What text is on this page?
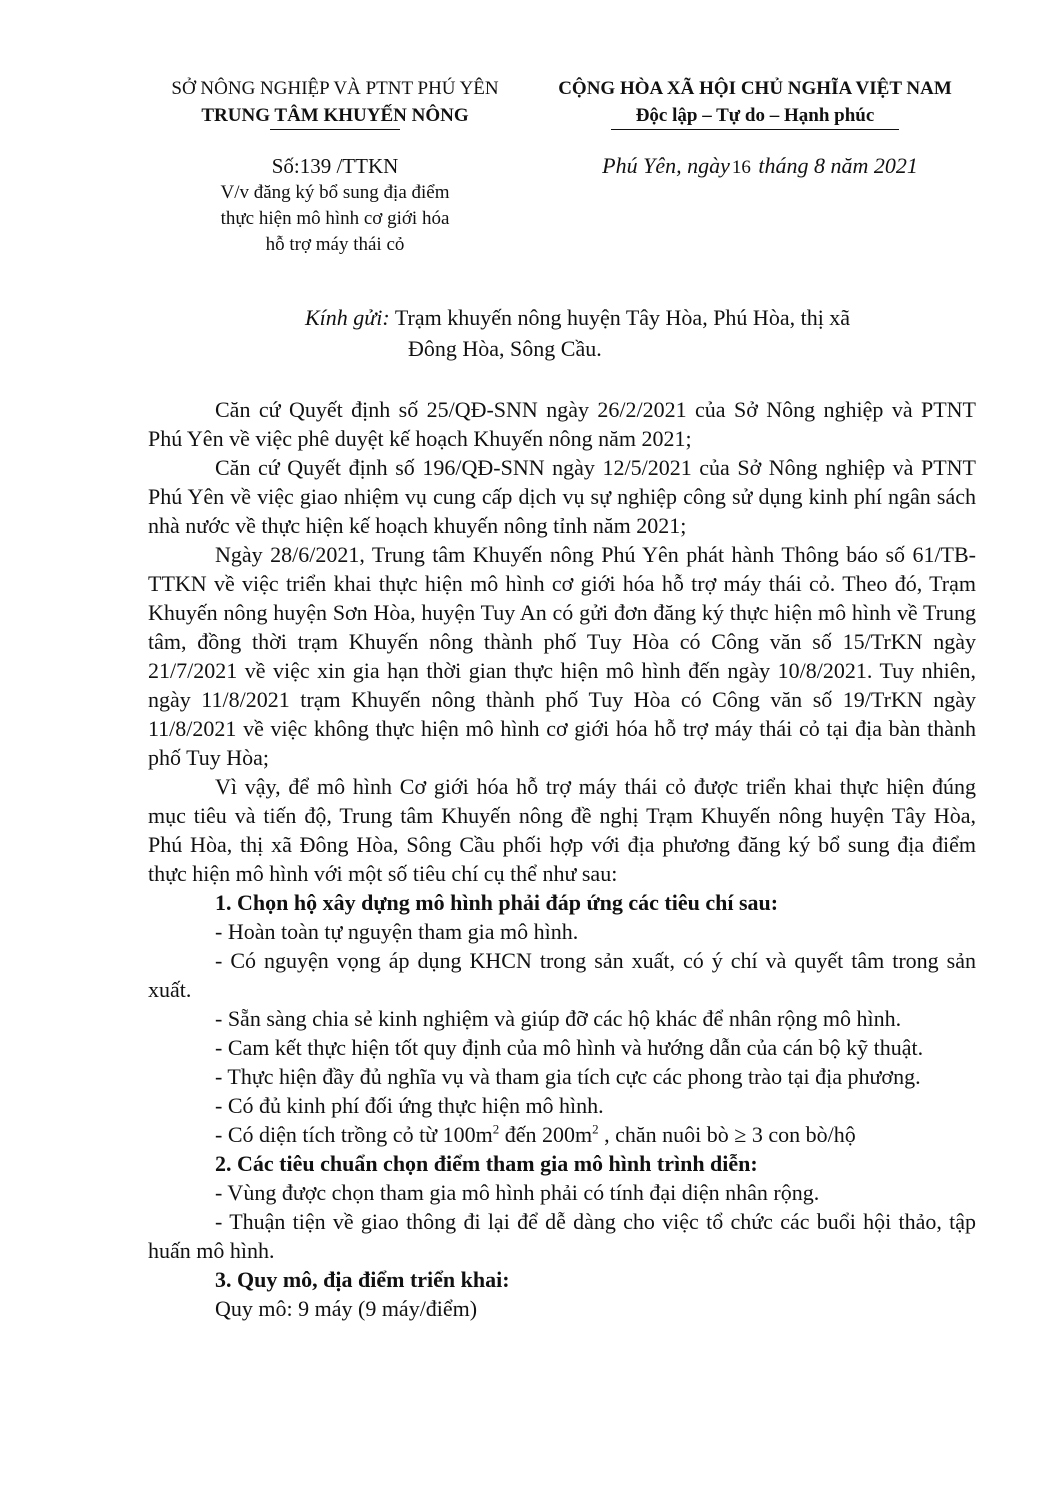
SỞ NÔNG NGHIỆP VÀ PTNT PHÚ YÊN
TRUNG TÂM KHUYẾN NÔNG
CỘNG HÒA XÃ HỘI CHỦ NGHĨA VIỆT NAM
Độc lập – Tự do – Hạnh phúc
Số:139 /TTKN
V/v đăng ký bổ sung địa điểm
thực hiện mô hình cơ giới hóa
hỗ trợ máy thái cỏ
Phú Yên, ngày 16 tháng 8 năm 2021
Kính gửi: Trạm khuyến nông huyện Tây Hòa, Phú Hòa, thị xã
Đông Hòa, Sông Cầu.

Căn cứ Quyết định số 25/QĐ-SNN ngày 26/2/2021 của Sở Nông nghiệp và PTNT Phú Yên về việc phê duyệt kế hoạch Khuyến nông năm 2021;

Căn cứ Quyết định số 196/QĐ-SNN ngày 12/5/2021 của Sở Nông nghiệp và PTNT Phú Yên về việc giao nhiệm vụ cung cấp dịch vụ sự nghiệp công sử dụng kinh phí ngân sách nhà nước về thực hiện kế hoạch khuyến nông tỉnh năm 2021;

Ngày 28/6/2021, Trung tâm Khuyến nông Phú Yên phát hành Thông báo số 61/TB-TTKN về việc triển khai thực hiện mô hình cơ giới hóa hỗ trợ máy thái cỏ. Theo đó, Trạm Khuyến nông huyện Sơn Hòa, huyện Tuy An có gửi đơn đăng ký thực hiện mô hình về Trung tâm, đồng thời trạm Khuyến nông thành phố Tuy Hòa có Công văn số 15/TrKN ngày 21/7/2021 về việc xin gia hạn thời gian thực hiện mô hình đến ngày 10/8/2021. Tuy nhiên, ngày 11/8/2021 trạm Khuyến nông thành phố Tuy Hòa có Công văn số 19/TrKN ngày 11/8/2021 về việc không thực hiện mô hình cơ giới hóa hỗ trợ máy thái cỏ tại địa bàn thành phố Tuy Hòa;

Vì vậy, để mô hình Cơ giới hóa hỗ trợ máy thái cỏ được triển khai thực hiện đúng mục tiêu và tiến độ, Trung tâm Khuyến nông đề nghị Trạm Khuyến nông huyện Tây Hòa, Phú Hòa, thị xã Đông Hòa, Sông Cầu phối hợp với địa phương đăng ký bổ sung địa điểm thực hiện mô hình với một số tiêu chí cụ thể như sau:

1. Chọn hộ xây dựng mô hình phải đáp ứng các tiêu chí sau:
- Hoàn toàn tự nguyện tham gia mô hình.
- Có nguyện vọng áp dụng KHCN trong sản xuất, có ý chí và quyết tâm trong sản xuất.
- Sẵn sàng chia sẻ kinh nghiệm và giúp đỡ các hộ khác để nhân rộng mô hình.
- Cam kết thực hiện tốt quy định của mô hình và hướng dẫn của cán bộ kỹ thuật.
- Thực hiện đầy đủ nghĩa vụ và tham gia tích cực các phong trào tại địa phương.
- Có đủ kinh phí đối ứng thực hiện mô hình.
- Có diện tích trồng cỏ từ $100m^2$ đến $200m^2$ , chăn nuôi bò ≥ 3 con bò/hộ
2. Các tiêu chuẩn chọn điểm tham gia mô hình trình diễn:
- Vùng được chọn tham gia mô hình phải có tính đại diện nhân rộng.
- Thuận tiện về giao thông đi lại để dễ dàng cho việc tổ chức các buổi hội thảo, tập huấn mô hình.
3. Quy mô, địa điểm triển khai:
Quy mô: 9 máy (9 máy/điểm)
